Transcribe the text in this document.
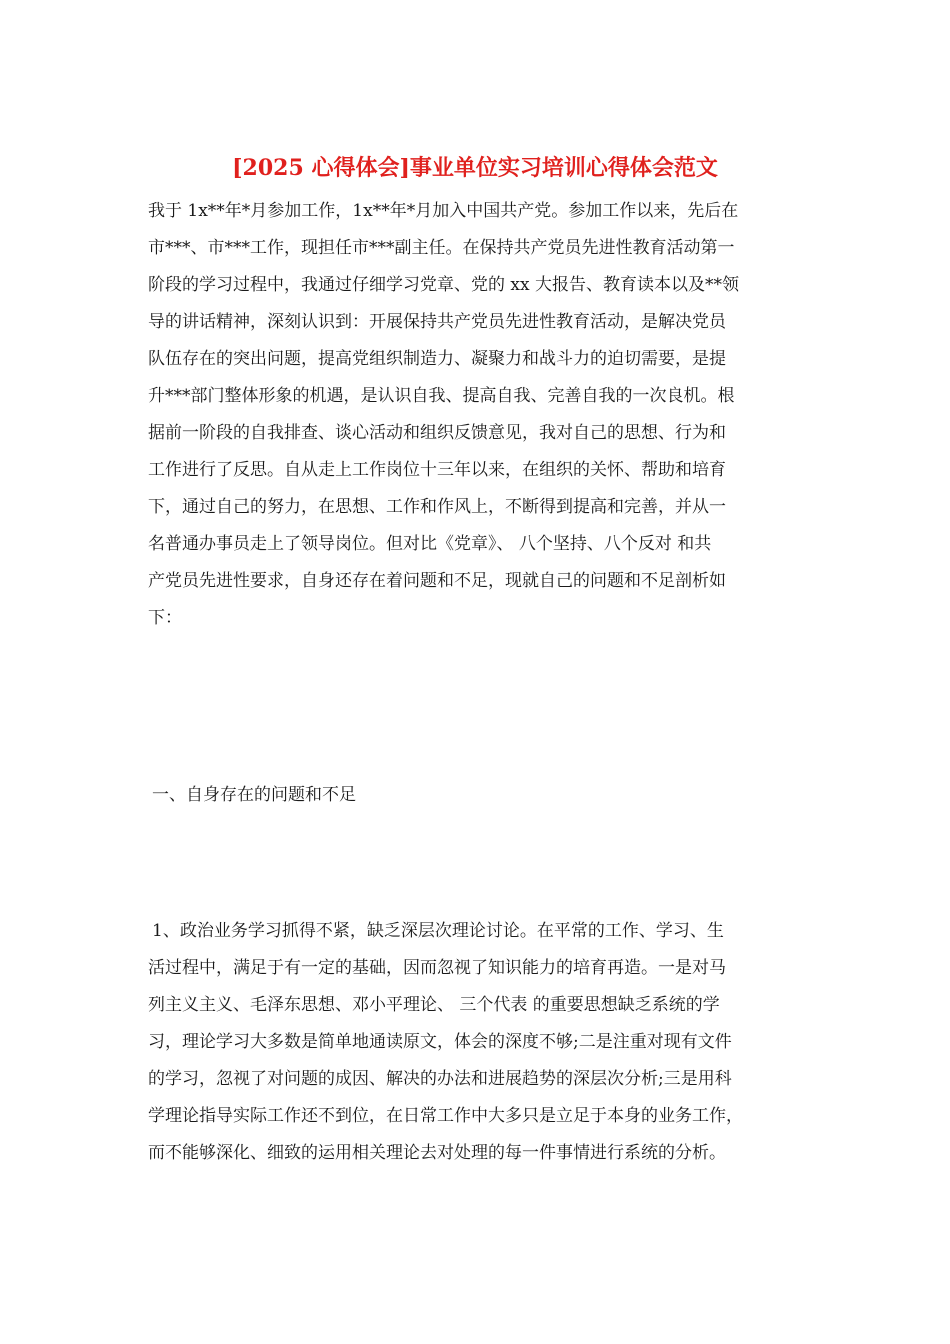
[2025 心得体会]事业单位实习培训心得体会范文
我于 1x**年*月参加工作，1x**年*月加入中国共产党。参加工作以来，先后在
市***、市***工作，现担任市***副主任。在保持共产党员先进性教育活动第一
阶段的学习过程中，我通过仔细学习党章、党的 xx 大报告、教育读本以及**领
导的讲话精神，深刻认识到：开展保持共产党员先进性教育活动，是解决党员
队伍存在的突出问题，提高党组织制造力、凝聚力和战斗力的迫切需要，是提
升***部门整体形象的机遇，是认识自我、提高自我、完善自我的一次良机。根
据前一阶段的自我排查、谈心活动和组织反馈意见，我对自己的思想、行为和
工作进行了反思。自从走上工作岗位十三年以来，在组织的关怀、帮助和培育
下，通过自己的努力，在思想、工作和作风上，不断得到提高和完善，并从一
名普通办事员走上了领导岗位。但对比《党章》、 八个坚持、八个反对 和共
产党员先进性要求，自身还存在着问题和不足，现就自己的问题和不足剖析如
下：
一、自身存在的问题和不足
1、政治业务学习抓得不紧，缺乏深层次理论讨论。在平常的工作、学习、生
活过程中，满足于有一定的基础，因而忽视了知识能力的培育再造。一是对马
列主义主义、毛泽东思想、邓小平理论、 三个代表 的重要思想缺乏系统的学
习，理论学习大多数是简单地通读原文，体会的深度不够;二是注重对现有文件
的学习，忽视了对问题的成因、解决的办法和进展趋势的深层次分析;三是用科
学理论指导实际工作还不到位，在日常工作中大多只是立足于本身的业务工作，
而不能够深化、细致的运用相关理论去对处理的每一件事情进行系统的分析。
